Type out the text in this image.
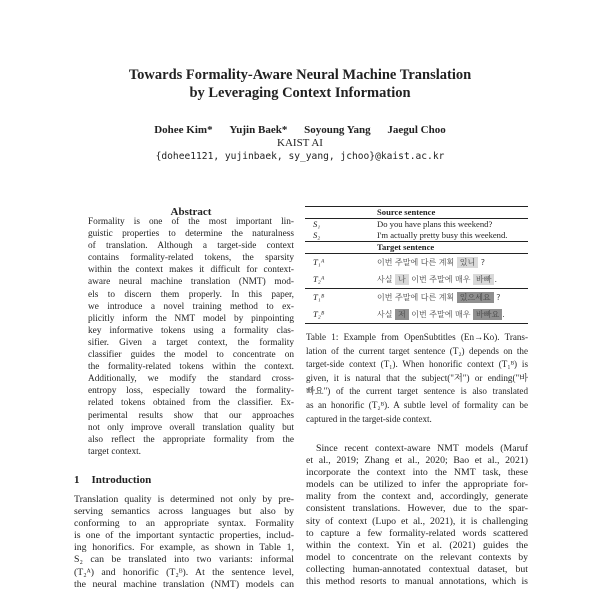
Towards Formality-Aware Neural Machine Translation
by Leveraging Context Information
Dohee Kim* Yujin Baek* Soyoung Yang Jaegul Choo
KAIST AI
{dohee1121, yujinbaek, sy_yang, jchoo}@kaist.ac.kr
Abstract
Formality is one of the most important lin-
guistic properties to determine the naturalness
of translation. Although a target-side context
contains formality-related tokens, the sparsity
within the context makes it difficult for context-
aware neural machine translation (NMT) mod-
els to discern them properly. In this paper,
we introduce a novel training method to ex-
plicitly inform the NMT model by pinpointing
key informative tokens using a formality clas-
sifier. Given a target context, the formality
classifier guides the model to concentrate on
the formality-related tokens within the context.
Additionally, we modify the standard cross-
entropy loss, especially toward the formality-
related tokens obtained from the classifier. Ex-
perimental results show that our approaches
not only improve overall translation quality but
also reflect the appropriate formality from the
target context.
1 Introduction
Translation quality is determined not only by pre-
serving semantics across languages but also by
conforming to an appropriate syntax. Formality
is one of the important syntactic properties, includ-
ing honorifics. For example, as shown in Table 1,
S₂ can be translated into two variants: informal
(T₂ᴬ) and honorific (T₂ᴮ). At the sentence level,
the neural machine translation (NMT) models can
	Source sentence
S₁	Do you have plans this weekend?
S₂	I'm actually pretty busy this weekend.
	Target sentence
T₁ᴬ	이번 주말에 다른 계획 있니 ?
T₂ᴬ	사실 나 이번 주말에 매우 바빠 .
T₁ᴮ	이번 주말에 다른 계획 있으세요 ?
T₂ᴮ	사실 저 이번 주말에 매우 바빠요 .
Table 1: Example from OpenSubtitles (En→Ko). Trans-
lation of the current target sentence (T₂) depends on the
target-side context (T₁). When honorific context (T₁ᴮ) is
given, it is natural that the subject("저") or ending("바
빠요") of the current target sentence is also translated
as an honorific (T₂ᴮ). A subtle level of formality can be
captured in the target-side context.
Since recent context-aware NMT models (Maruf
et al., 2019; Zhang et al., 2020; Bao et al., 2021)
incorporate the context into the NMT task, these
models can be utilized to infer the appropriate for-
mality from the context and, accordingly, generate
consistent translations. However, due to the spar-
sity of context (Lupo et al., 2021), it is challenging
to capture a few formality-related words scattered
within the context. Yin et al. (2021) guides the
model to concentrate on the relevant contexts by
collecting human-annotated contextual dataset, but
this method resorts to manual annotations, which is
